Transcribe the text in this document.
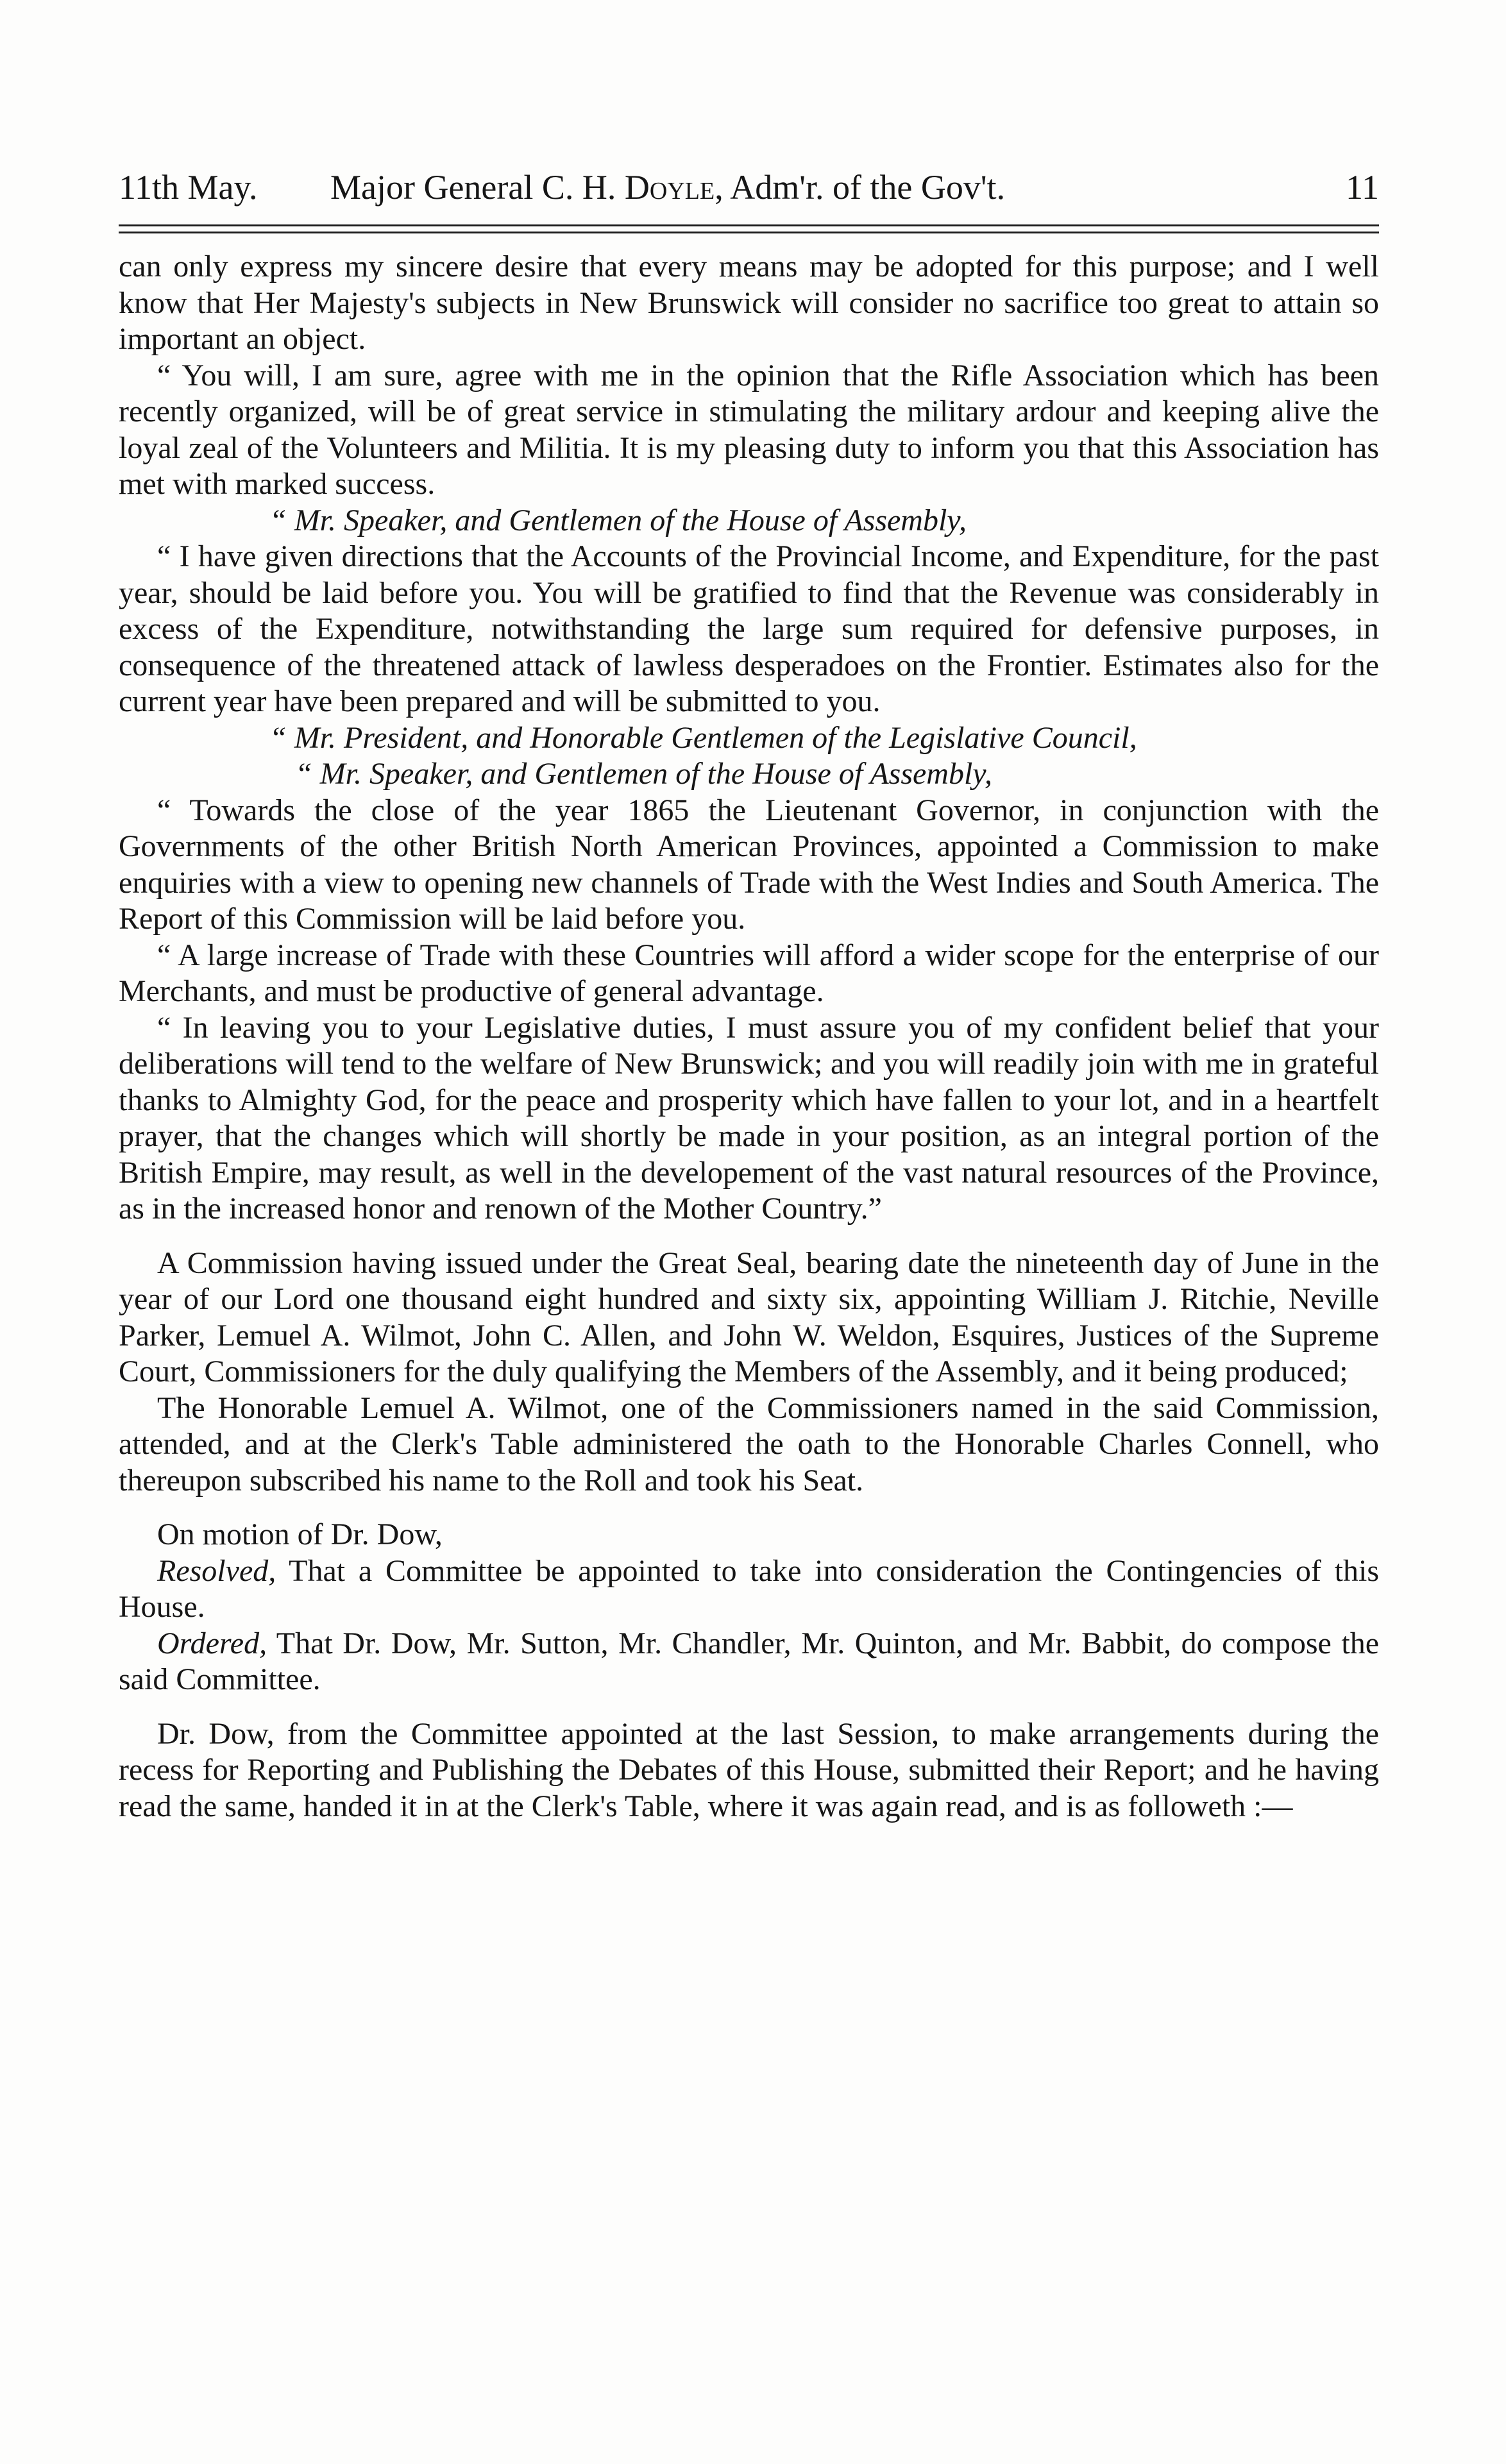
11th May. Major General C. H. Doyle, Adm'r. of the Gov't.	11

can only express my sincere desire that every means may be adopted for this purpose; and I well know that Her Majesty's subjects in New Brunswick will consider no sacrifice too great to attain so important an object.

“ You will, I am sure, agree with me in the opinion that the Rifle Association which has been recently organized, will be of great service in stimulating the military ardour and keeping alive the loyal zeal of the Volunteers and Militia. It is my pleasing duty to inform you that this Association has met with marked success.

“ Mr. Speaker, and Gentlemen of the House of Assembly,

“ I have given directions that the Accounts of the Provincial Income, and Expenditure, for the past year, should be laid before you. You will be gratified to find that the Revenue was considerably in excess of the Expenditure, notwithstanding the large sum required for defensive purposes, in consequence of the threatened attack of lawless desperadoes on the Frontier. Estimates also for the current year have been prepared and will be submitted to you.

“ Mr. President, and Honorable Gentlemen of the Legislative Council,

“ Mr. Speaker, and Gentlemen of the House of Assembly,

“ Towards the close of the year 1865 the Lieutenant Governor, in conjunction with the Governments of the other British North American Provinces, appointed a Commission to make enquiries with a view to opening new channels of Trade with the West Indies and South America. The Report of this Commission will be laid before you.

“ A large increase of Trade with these Countries will afford a wider scope for the enterprise of our Merchants, and must be productive of general advantage.

“ In leaving you to your Legislative duties, I must assure you of my confident belief that your deliberations will tend to the welfare of New Brunswick; and you will readily join with me in grateful thanks to Almighty God, for the peace and prosperity which have fallen to your lot, and in a heartfelt prayer, that the changes which will shortly be made in your position, as an integral portion of the British Empire, may result, as well in the developement of the vast natural resources of the Province, as in the increased honor and renown of the Mother Country.”

A Commission having issued under the Great Seal, bearing date the nineteenth day of June in the year of our Lord one thousand eight hundred and sixty six, appointing William J. Ritchie, Neville Parker, Lemuel A. Wilmot, John C. Allen, and John W. Weldon, Esquires, Justices of the Supreme Court, Commissioners for the duly qualifying the Members of the Assembly, and it being produced;

The Honorable Lemuel A. Wilmot, one of the Commissioners named in the said Commission, attended, and at the Clerk's Table administered the oath to the Honorable Charles Connell, who thereupon subscribed his name to the Roll and took his Seat.

On motion of Dr. Dow,

Resolved, That a Committee be appointed to take into consideration the Contingencies of this House.

Ordered, That Dr. Dow, Mr. Sutton, Mr. Chandler, Mr. Quinton, and Mr. Babbit, do compose the said Committee.

Dr. Dow, from the Committee appointed at the last Session, to make arrangements during the recess for Reporting and Publishing the Debates of this House, submitted their Report; and he having read the same, handed it in at the Clerk's Table, where it was again read, and is as followeth :—
